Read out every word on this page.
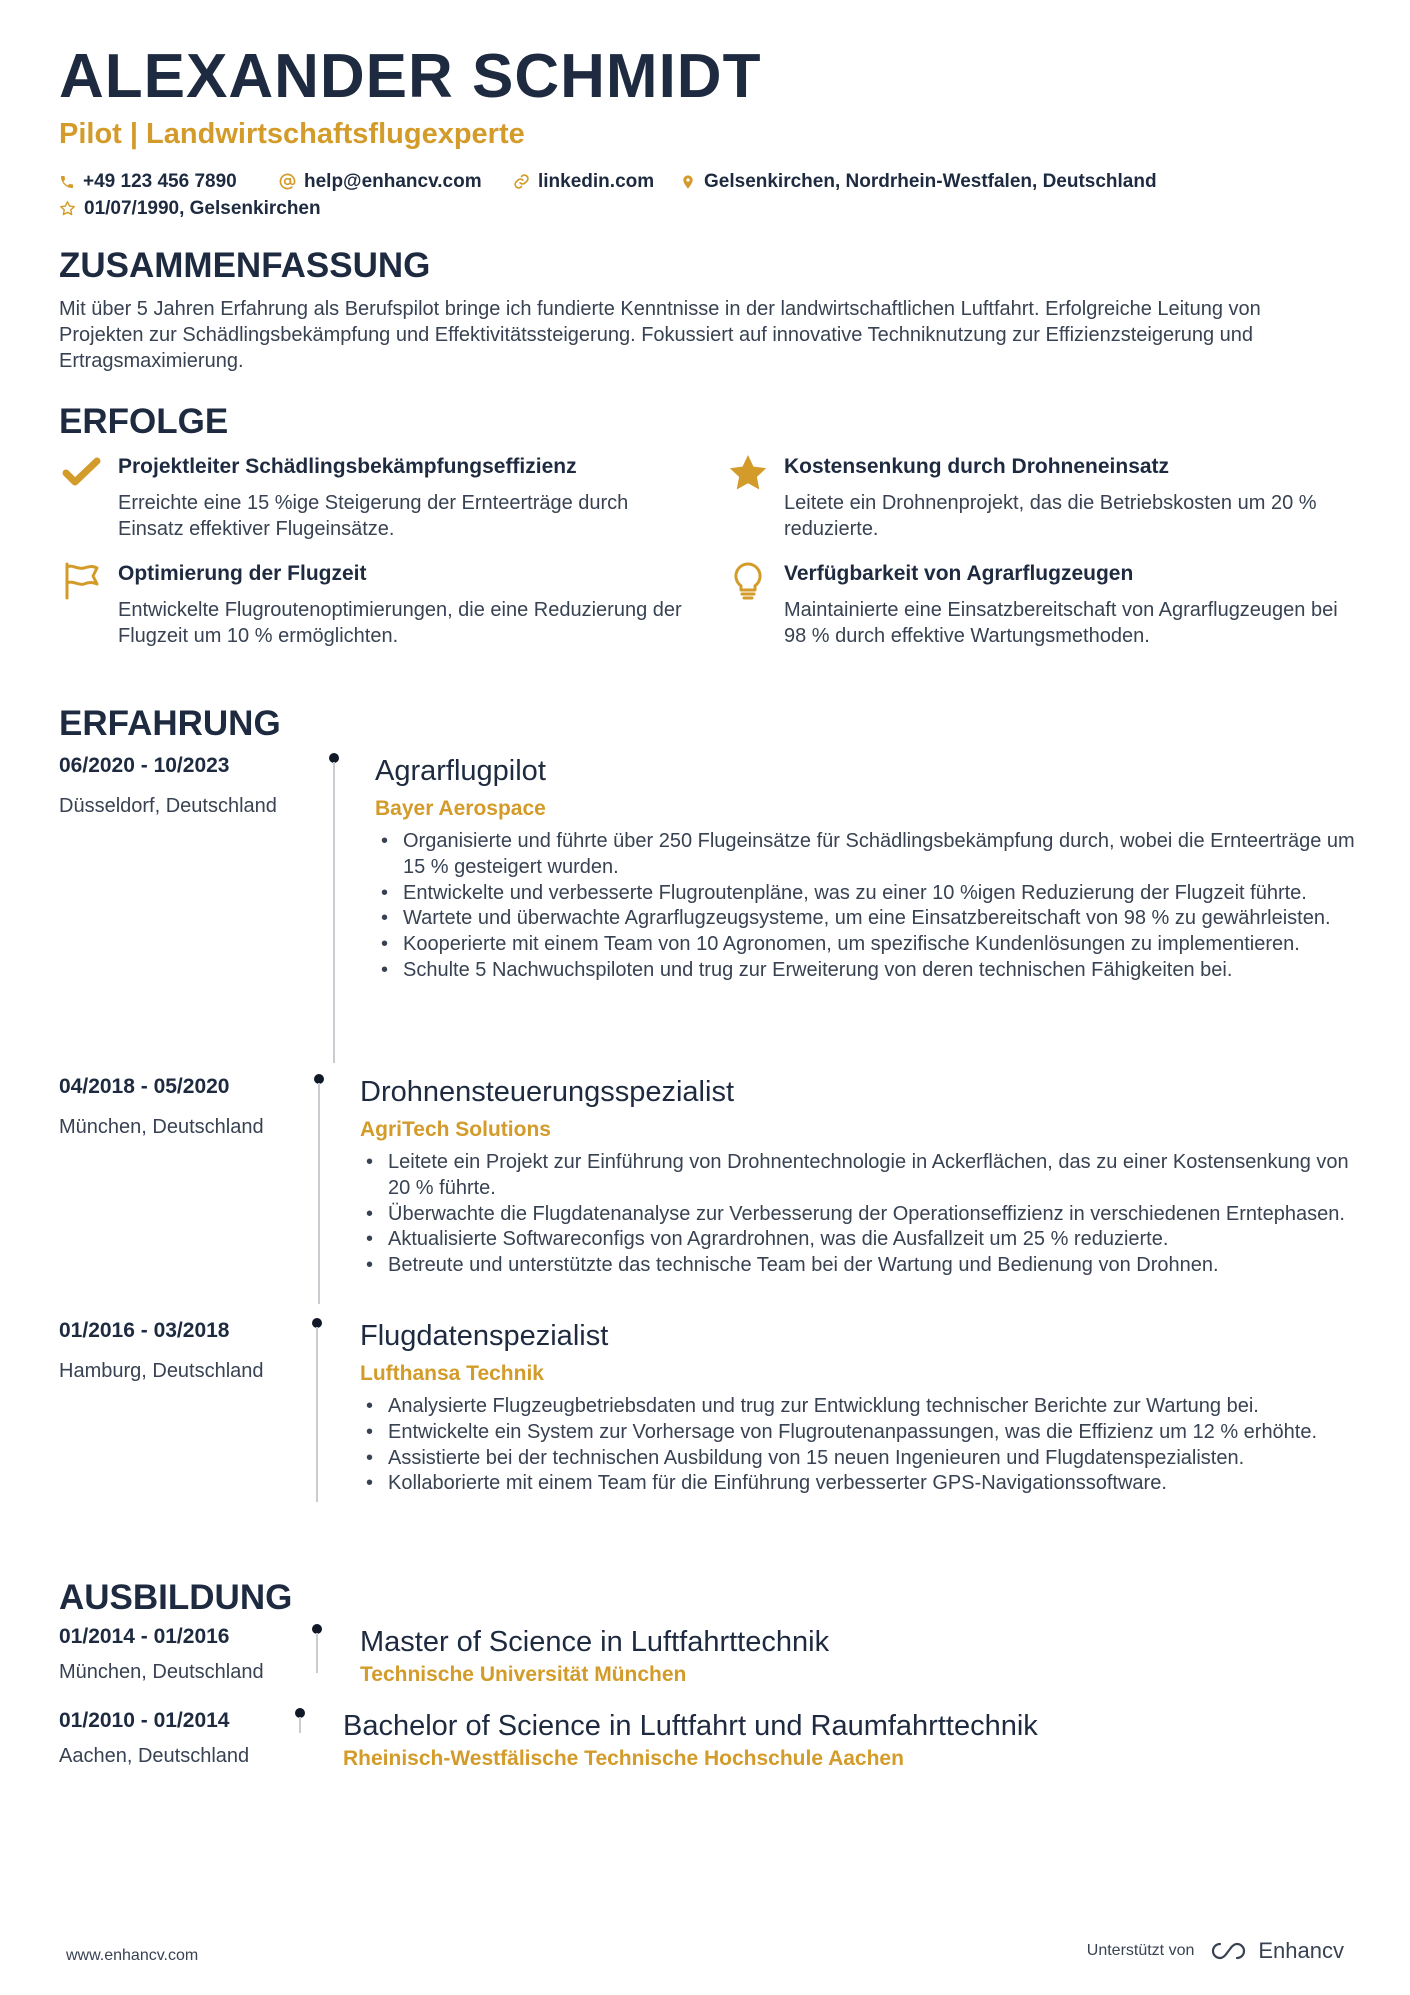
ALEXANDER SCHMIDT
Pilot | Landwirtschaftsflugexperte
+49 123 456 7890	help@enhancv.com	linkedin.com	Gelsenkirchen, Nordrhein-Westfalen, Deutschland
01/07/1990, Gelsenkirchen
ZUSAMMENFASSUNG
Mit über 5 Jahren Erfahrung als Berufspilot bringe ich fundierte Kenntnisse in der landwirtschaftlichen Luftfahrt. Erfolgreiche Leitung von Projekten zur Schädlingsbekämpfung und Effektivitätssteigerung. Fokussiert auf innovative Techniknutzung zur Effizienzsteigerung und Ertragsmaximierung.
ERFOLGE
Projektleiter Schädlingsbekämpfungseffizienz
Erreichte eine 15 %ige Steigerung der Ernteerträge durch Einsatz effektiver Flugeinsätze.
Kostensenkung durch Drohneneinsatz
Leitete ein Drohnenprojekt, das die Betriebskosten um 20 % reduzierte.
Optimierung der Flugzeit
Entwickelte Flugroutenoptimierungen, die eine Reduzierung der Flugzeit um 10 % ermöglichten.
Verfügbarkeit von Agrarflugzeugen
Maintainierte eine Einsatzbereitschaft von Agrarflugzeugen bei 98 % durch effektive Wartungsmethoden.
ERFAHRUNG
06/2020 - 10/2023
Düsseldorf, Deutschland
Agrarflugpilot
Bayer Aerospace
• Organisierte und führte über 250 Flugeinsätze für Schädlingsbekämpfung durch, wobei die Ernteerträge um 15 % gesteigert wurden.
• Entwickelte und verbesserte Flugroutenpläne, was zu einer 10 %igen Reduzierung der Flugzeit führte.
• Wartete und überwachte Agrarflugzeugsysteme, um eine Einsatzbereitschaft von 98 % zu gewährleisten.
• Kooperierte mit einem Team von 10 Agronomen, um spezifische Kundenlösungen zu implementieren.
• Schulte 5 Nachwuchspiloten und trug zur Erweiterung von deren technischen Fähigkeiten bei.
04/2018 - 05/2020
München, Deutschland
Drohnensteuerungsspezialist
AgriTech Solutions
• Leitete ein Projekt zur Einführung von Drohnentechnologie in Ackerflächen, das zu einer Kostensenkung von 20 % führte.
• Überwachte die Flugdatenanalyse zur Verbesserung der Operationseffizienz in verschiedenen Erntephasen.
• Aktualisierte Softwareconfigs von Agrardrohnen, was die Ausfallzeit um 25 % reduzierte.
• Betreute und unterstützte das technische Team bei der Wartung und Bedienung von Drohnen.
01/2016 - 03/2018
Hamburg, Deutschland
Flugdatenspezialist
Lufthansa Technik
• Analysierte Flugzeugbetriebsdaten und trug zur Entwicklung technischer Berichte zur Wartung bei.
• Entwickelte ein System zur Vorhersage von Flugroutenanpassungen, was die Effizienz um 12 % erhöhte.
• Assistierte bei der technischen Ausbildung von 15 neuen Ingenieuren und Flugdatenspezialisten.
• Kollaborierte mit einem Team für die Einführung verbesserter GPS-Navigationssoftware.
AUSBILDUNG
01/2014 - 01/2016
München, Deutschland
Master of Science in Luftfahrttechnik
Technische Universität München
01/2010 - 01/2014
Aachen, Deutschland
Bachelor of Science in Luftfahrt und Raumfahrttechnik
Rheinisch-Westfälische Technische Hochschule Aachen
www.enhancv.com	Unterstützt von	Enhancv
